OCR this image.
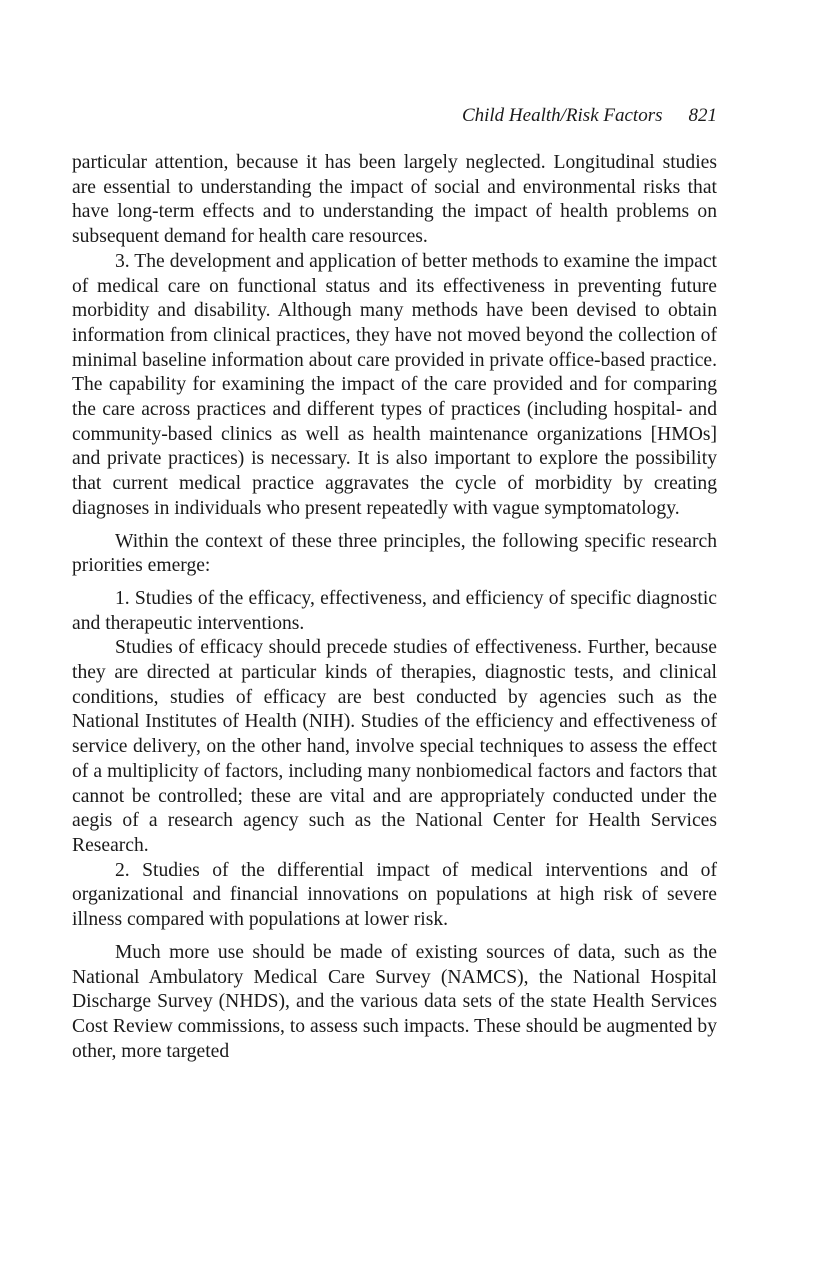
Child Health/Risk Factors 821

particular attention, because it has been largely neglected. Longitudinal studies are essential to understanding the impact of social and environmental risks that have long-term effects and to understanding the impact of health problems on subsequent demand for health care resources.

3. The development and application of better methods to examine the impact of medical care on functional status and its effectiveness in preventing future morbidity and disability. Although many methods have been devised to obtain information from clinical practices, they have not moved beyond the collection of minimal baseline information about care provided in private office-based practice. The capability for examining the impact of the care provided and for comparing the care across practices and different types of practices (including hospital- and community-based clinics as well as health maintenance organizations [HMOs] and private practices) is necessary. It is also important to explore the possibility that current medical practice aggravates the cycle of morbidity by creating diagnoses in individuals who present repeatedly with vague symptomatology.

Within the context of these three principles, the following specific research priorities emerge:

1. Studies of the efficacy, effectiveness, and efficiency of specific diagnostic and therapeutic interventions.

Studies of efficacy should precede studies of effectiveness. Further, because they are directed at particular kinds of therapies, diagnostic tests, and clinical conditions, studies of efficacy are best conducted by agencies such as the National Institutes of Health (NIH). Studies of the efficiency and effectiveness of service delivery, on the other hand, involve special techniques to assess the effect of a multiplicity of factors, including many nonbiomedical factors and factors that cannot be controlled; these are vital and are appropriately conducted under the aegis of a research agency such as the National Center for Health Services Research.

2. Studies of the differential impact of medical interventions and of organizational and financial innovations on populations at high risk of severe illness compared with populations at lower risk.

Much more use should be made of existing sources of data, such as the National Ambulatory Medical Care Survey (NAMCS), the National Hospital Discharge Survey (NHDS), and the various data sets of the state Health Services Cost Review commissions, to assess such impacts. These should be augmented by other, more targeted
